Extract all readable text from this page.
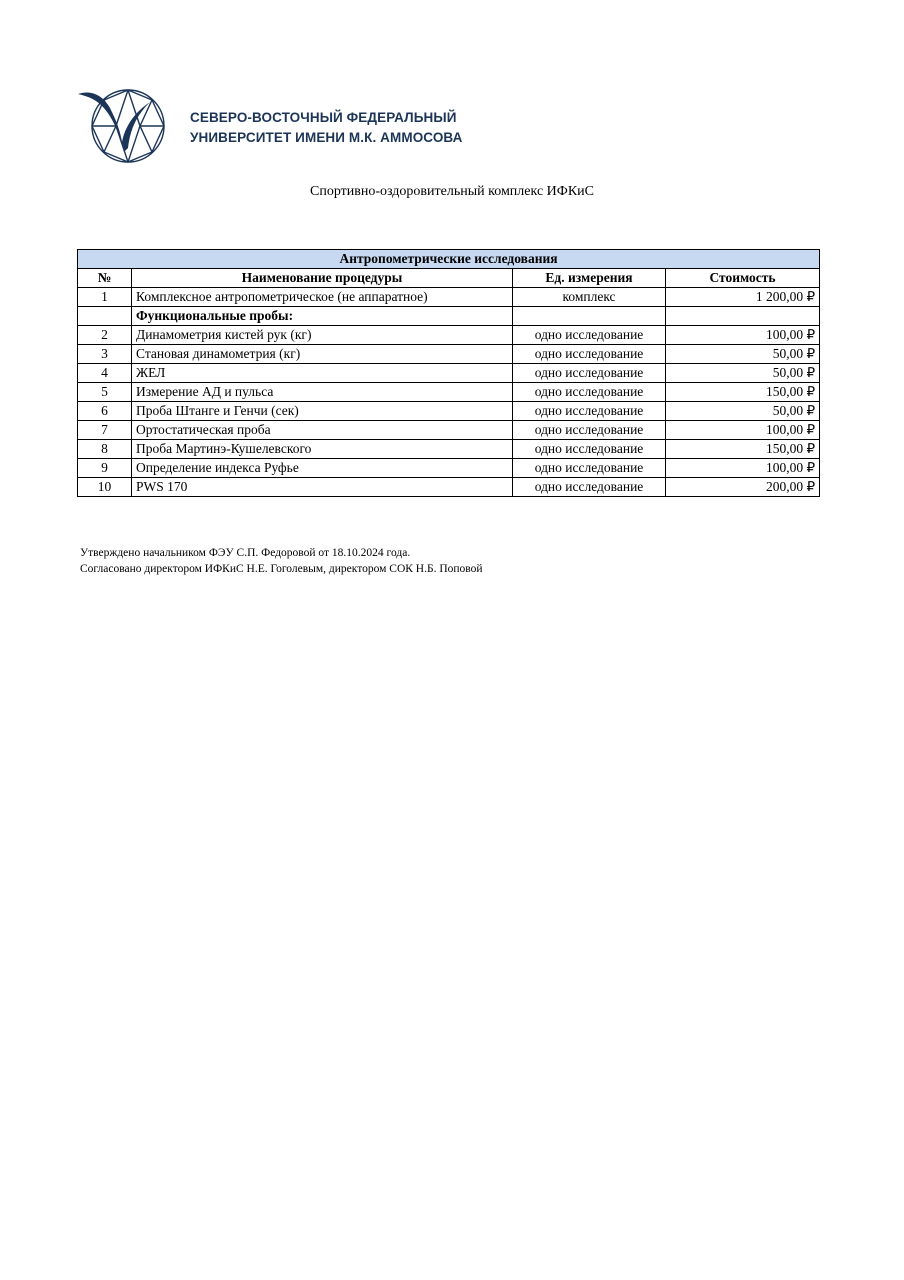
СЕВЕРО-ВОСТОЧНЫЙ ФЕДЕРАЛЬНЫЙ
УНИВЕРСИТЕТ ИМЕНИ М.К. АММОСОВА
Спортивно-оздоровительный комплекс ИФКиС
Антропометрические исследования			
№	Наименование процедуры	Ед. измерения	Стоимость
1	Комплексное антропометрическое (не аппаратное)	комплекс	1 200,00 ₽
	Функциональные пробы:		
2	Динамометрия кистей рук (кг)	одно исследование	100,00 ₽
3	Становая динамометрия (кг)	одно исследование	50,00 ₽
4	ЖЕЛ	одно исследование	50,00 ₽
5	Измерение АД и пульса	одно исследование	150,00 ₽
6	Проба Штанге и Генчи (сек)	одно исследование	50,00 ₽
7	Ортостатическая проба	одно исследование	100,00 ₽
8	Проба Мартинэ-Кушелевского	одно исследование	150,00 ₽
9	Определение индекса Руфье	одно исследование	100,00 ₽
10	PWS 170	одно исследование	200,00 ₽
Утверждено начальником ФЭУ С.П. Федоровой от 18.10.2024 года.
Согласовано директором ИФКиС Н.Е. Гоголевым, директором СОК Н.Б. Поповой
